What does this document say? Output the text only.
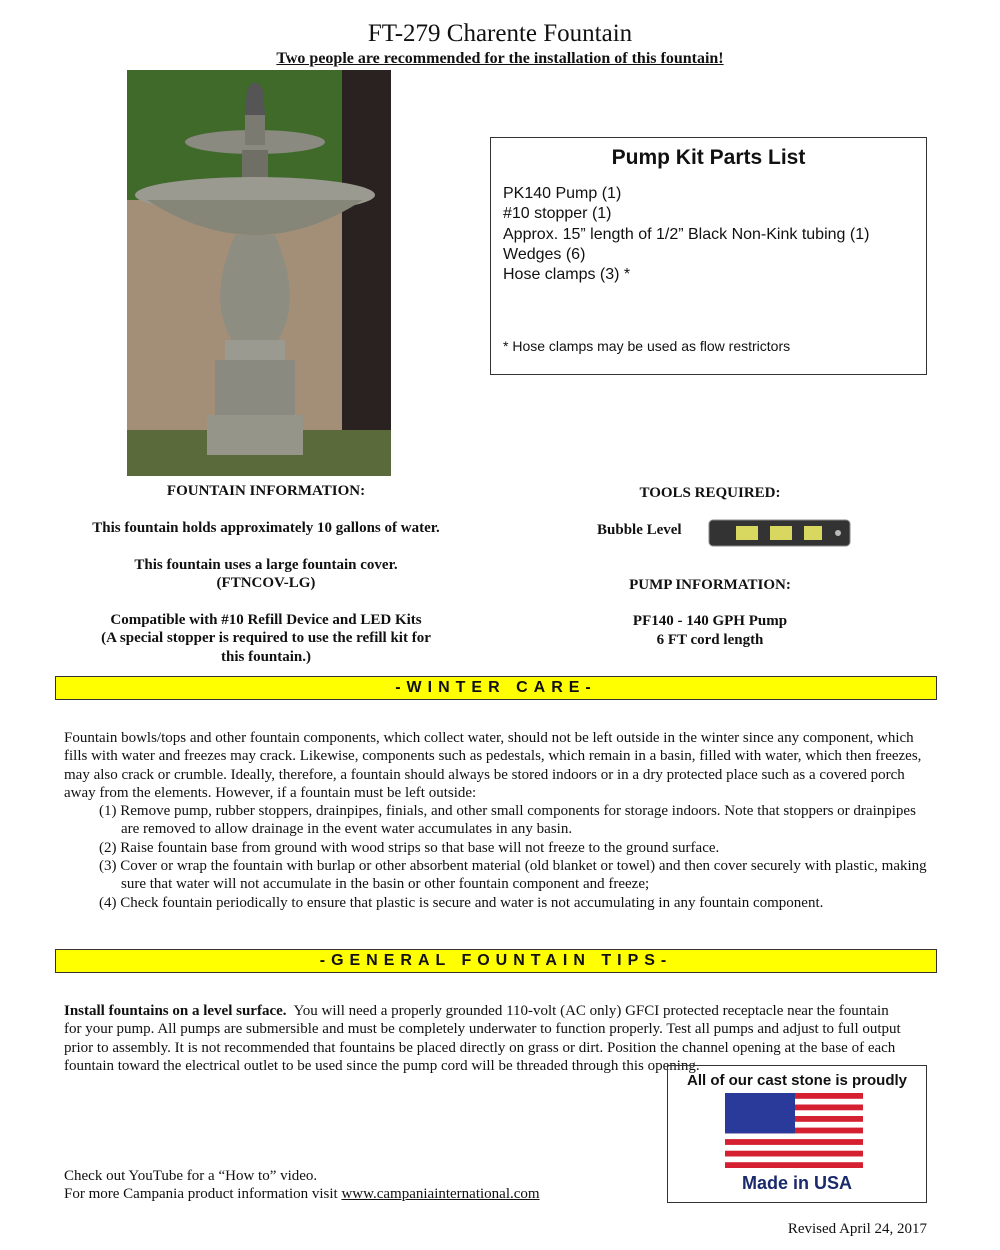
FT-279 Charente Fountain
Two people are recommended for the installation of this fountain!
Pump Kit Parts List
PK140 Pump (1)
#10 stopper (1)
Approx. 15” length of 1/2” Black Non-Kink tubing (1)
Wedges (6)
Hose clamps (3) *
* Hose clamps may be used as flow restrictors
FOUNTAIN INFORMATION:
This fountain holds approximately 10 gallons of water.
This fountain uses a large fountain cover.
(FTNCOV-LG)
Compatible with #10 Refill Device and LED Kits
(A special stopper is required to use the refill kit for
this fountain.)
TOOLS REQUIRED:
Bubble Level
PUMP INFORMATION:
PF140 - 140 GPH Pump
6 FT cord length
-WINTER CARE-

Fountain bowls/tops and other fountain components, which collect water, should not be left outside in the winter since any component, which fills with water and freezes may crack. Likewise, components such as pedestals, which remain in a basin, filled with water, which then freezes, may also crack or crumble. Ideally, therefore, a fountain should always be stored indoors or in a dry protected place such as a covered porch away from the elements. However, if a fountain must be left outside:

(1) Remove pump, rubber stoppers, drainpipes, finials, and other small components for storage indoors. Note that stoppers or drainpipes are removed to allow drainage in the event water accumulates in any basin.

(2) Raise fountain base from ground with wood strips so that base will not freeze to the ground surface.

(3) Cover or wrap the fountain with burlap or other absorbent material (old blanket or towel) and then cover securely with plastic, making sure that water will not accumulate in the basin or other fountain component and freeze;

(4) Check fountain periodically to ensure that plastic is secure and water is not accumulating in any fountain component.

-GENERAL FOUNTAIN TIPS-

Install fountains on a level surface. You will need a properly grounded 110-volt (AC only) GFCI protected receptacle near the fountain for your pump. All pumps are submersible and must be completely underwater to function properly. Test all pumps and adjust to full output prior to assembly. It is not recommended that fountains be placed directly on grass or dirt. Position the channel opening at the base of each fountain toward the electrical outlet to be used since the pump cord will be threaded through this opening.

Check out YouTube for a “How to” video.

For more Campania product information visit www.campaniainternational.com

All of our cast stone is proudly
Made in USA
Revised April 24, 2017
